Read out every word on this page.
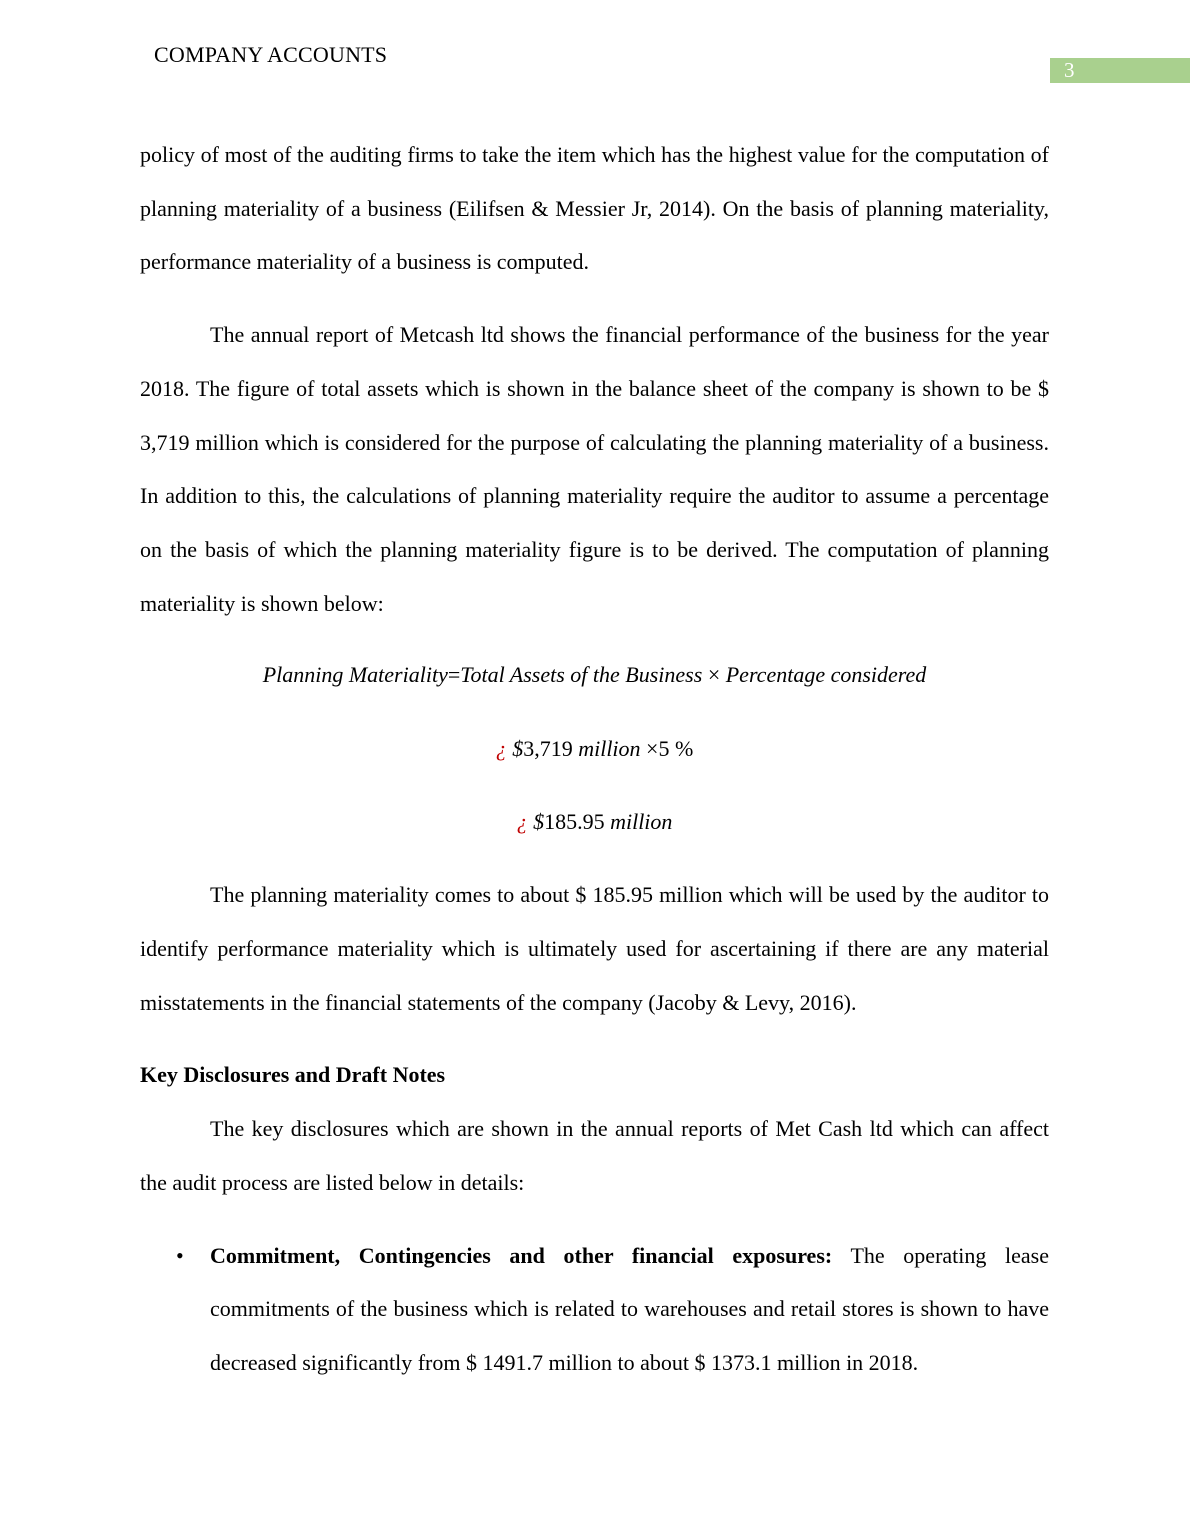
COMPANY ACCOUNTS
3

policy of most of the auditing firms to take the item which has the highest value for the computation of planning materiality of a business (Eilifsen & Messier Jr, 2014). On the basis of planning materiality, performance materiality of a business is computed.

The annual report of Metcash ltd shows the financial performance of the business for the year 2018. The figure of total assets which is shown in the balance sheet of the company is shown to be $ 3,719 million which is considered for the purpose of calculating the planning materiality of a business. In addition to this, the calculations of planning materiality require the auditor to assume a percentage on the basis of which the planning materiality figure is to be derived. The computation of planning materiality is shown below:

Planning Materiality=Total Assets of the Business × Percentage considered
¿ $3,719 million ×5 %
¿ $185.95 million

The planning materiality comes to about $ 185.95 million which will be used by the auditor to identify performance materiality which is ultimately used for ascertaining if there are any material misstatements in the financial statements of the company (Jacoby & Levy, 2016).

Key Disclosures and Draft Notes

The key disclosures which are shown in the annual reports of Met Cash ltd which can affect the audit process are listed below in details:

• Commitment, Contingencies and other financial exposures: The operating lease commitments of the business which is related to warehouses and retail stores is shown to have decreased significantly from $ 1491.7 million to about $ 1373.1 million in 2018.
